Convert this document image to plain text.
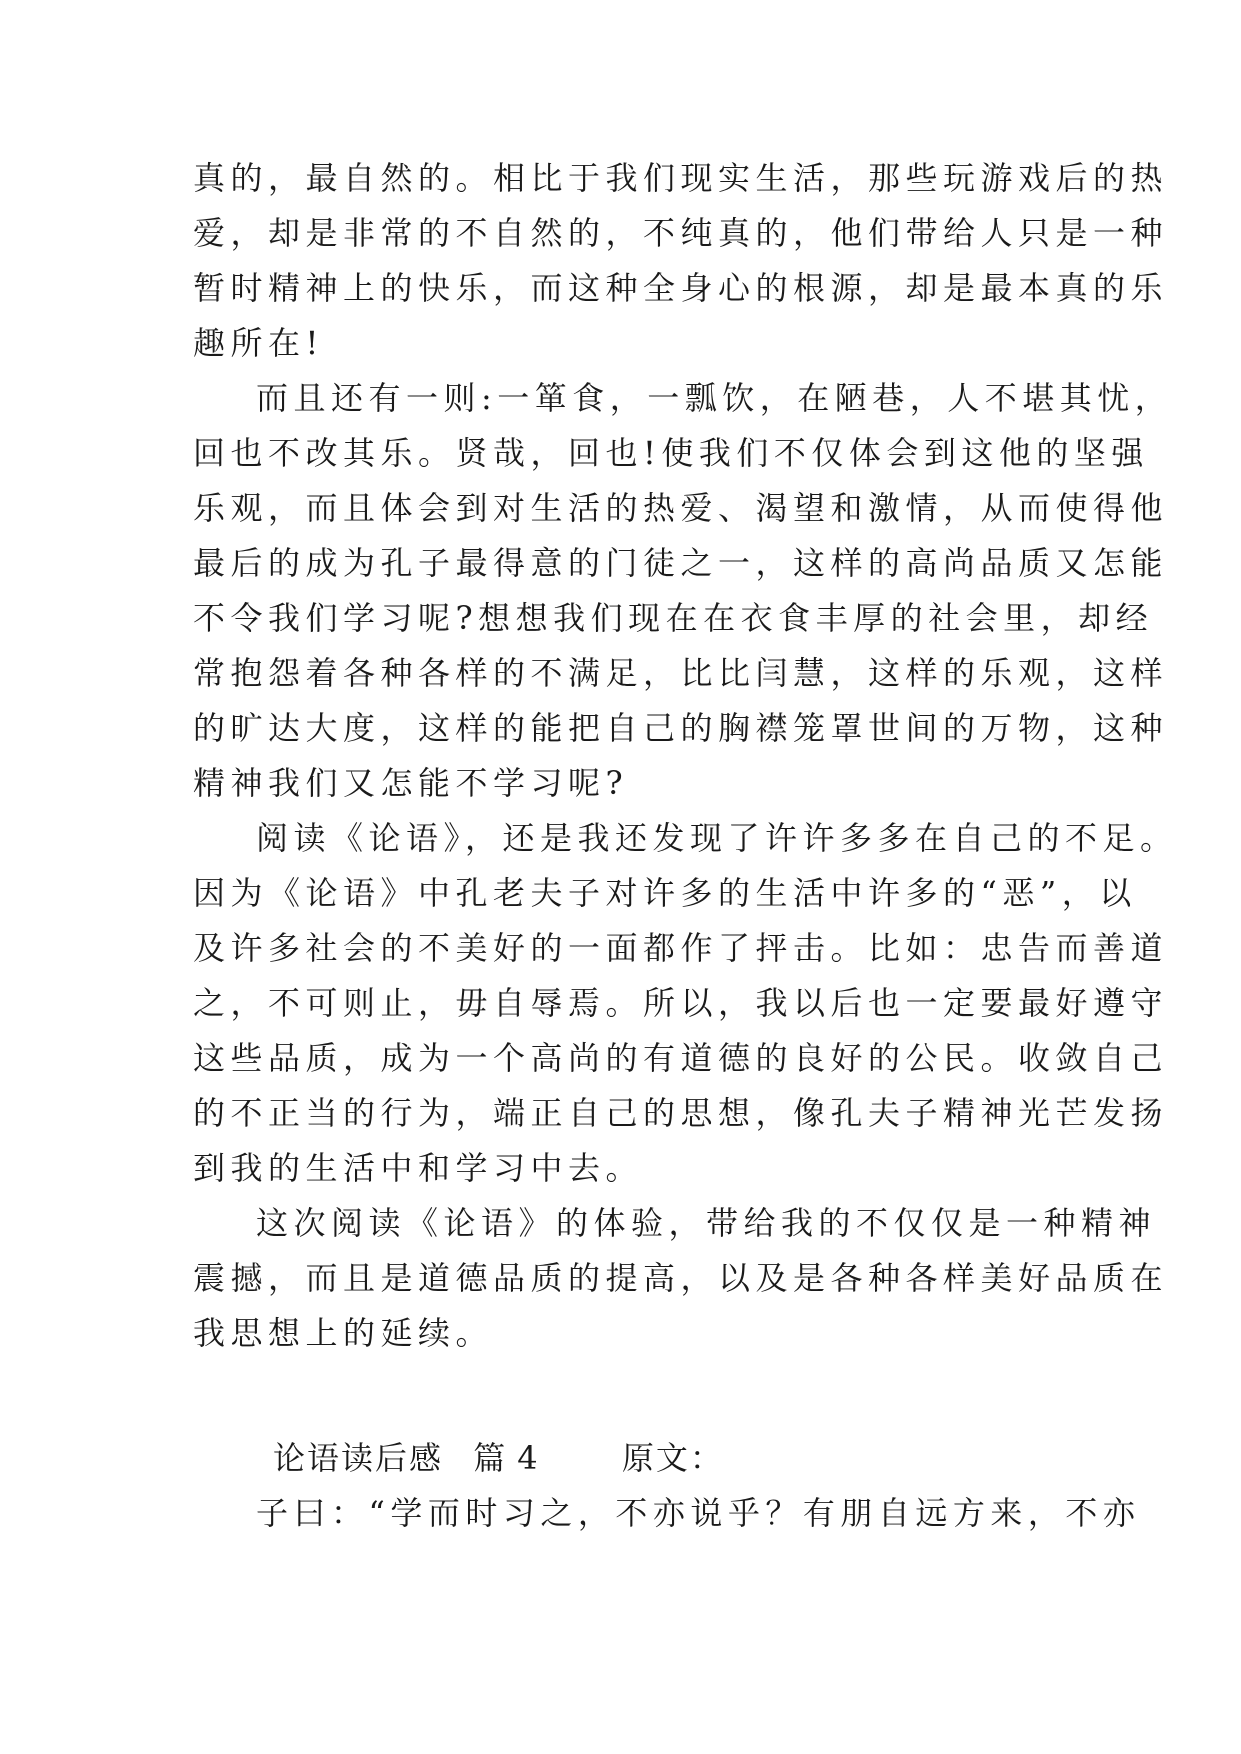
真的，最自然的。相比于我们现实生活，那些玩游戏后的热

爱，却是非常的不自然的，不纯真的，他们带给人只是一种

暂时精神上的快乐，而这种全身心的根源，却是最本真的乐

趣所在!

而且还有一则:一箪食，一瓢饮，在陋巷，人不堪其忧，

回也不改其乐。贤哉，回也!使我们不仅体会到这他的坚强

乐观，而且体会到对生活的热爱、渴望和激情，从而使得他

最后的成为孔子最得意的门徒之一，这样的高尚品质又怎能

不令我们学习呢?想想我们现在在衣食丰厚的社会里，却经

常抱怨着各种各样的不满足，比比闫慧，这样的乐观，这样

的旷达大度，这样的能把自己的胸襟笼罩世间的万物，这种

精神我们又怎能不学习呢?

阅读《论语》，还是我还发现了许许多多在自己的不足。

因为《论语》中孔老夫子对许多的生活中许多的“恶”，以

及许多社会的不美好的一面都作了抨击。比如：忠告而善道

之，不可则止，毋自辱焉。所以，我以后也一定要最好遵守

这些品质，成为一个高尚的有道德的良好的公民。收敛自己

的不正当的行为，端正自己的思想，像孔夫子精神光芒发扬

到我的生活中和学习中去。

这次阅读《论语》的体验，带给我的不仅仅是一种精神

震撼，而且是道德品质的提高，以及是各种各样美好品质在

我思想上的延续。

论语读后感 篇 4	原文：

子曰：“学而时习之，不亦说乎？有朋自远方来，不亦
